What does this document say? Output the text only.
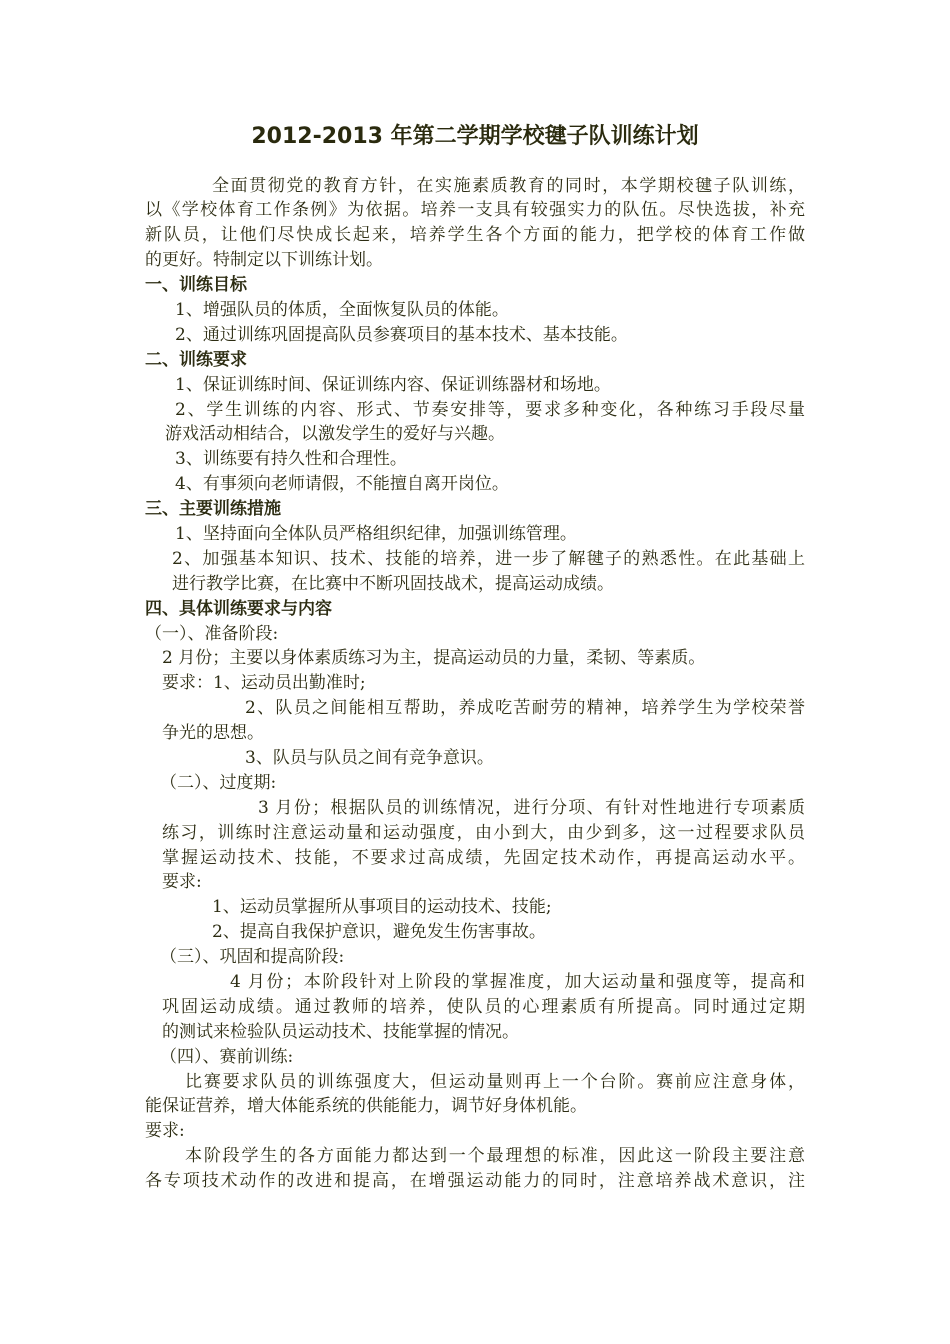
2012-2013 年第二学期学校毽子队训练计划
全面贯彻党的教育方针，在实施素质教育的同时，本学期校毽子队训练，
以《学校体育工作条例》为依据。培养一支具有较强实力的队伍。尽快选拔，补充
新队员，让他们尽快成长起来，培养学生各个方面的能力，把学校的体育工作做
的更好。特制定以下训练计划。
一、训练目标
1、增强队员的体质，全面恢复队员的体能。
2、通过训练巩固提高队员参赛项目的基本技术、基本技能。
二、训练要求
1、保证训练时间、保证训练内容、保证训练器材和场地。
2、学生训练的内容、形式、节奏安排等，要求多种变化，各种练习手段尽量
游戏活动相结合，以激发学生的爱好与兴趣。
3、训练要有持久性和合理性。
4、有事须向老师请假，不能擅自离开岗位。
三、主要训练措施
1、坚持面向全体队员严格组织纪律，加强训练管理。
2、加强基本知识、技术、技能的培养，进一步了解毽子的熟悉性。在此基础上
进行教学比赛，在比赛中不断巩固技战术，提高运动成绩。
四、具体训练要求与内容
（一）、准备阶段:
2 月份；主要以身体素质练习为主，提高运动员的力量，柔韧、等素质。
要求：1、运动员出勤准时;
2、队员之间能相互帮助，养成吃苦耐劳的精神，培养学生为学校荣誉
争光的思想。
3、队员与队员之间有竞争意识。
（二）、过度期:
3 月份；根据队员的训练情况，进行分项、有针对性地进行专项素质
练习，训练时注意运动量和运动强度，由小到大，由少到多，这一过程要求队员
掌握运动技术、技能，不要求过高成绩，先固定技术动作，再提高运动水平。
要求:
1、运动员掌握所从事项目的运动技术、技能;
2、提高自我保护意识，避免发生伤害事故。
（三）、巩固和提高阶段:
4 月份；本阶段针对上阶段的掌握准度，加大运动量和强度等，提高和
巩固运动成绩。通过教师的培养，使队员的心理素质有所提高。同时通过定期
的测试来检验队员运动技术、技能掌握的情况。
（四）、赛前训练:
比赛要求队员的训练强度大，但运动量则再上一个台阶。赛前应注意身体，
能保证营养，增大体能系统的供能能力，调节好身体机能。
要求:
本阶段学生的各方面能力都达到一个最理想的标准，因此这一阶段主要注意
各专项技术动作的改进和提高，在增强运动能力的同时，注意培养战术意识，注
